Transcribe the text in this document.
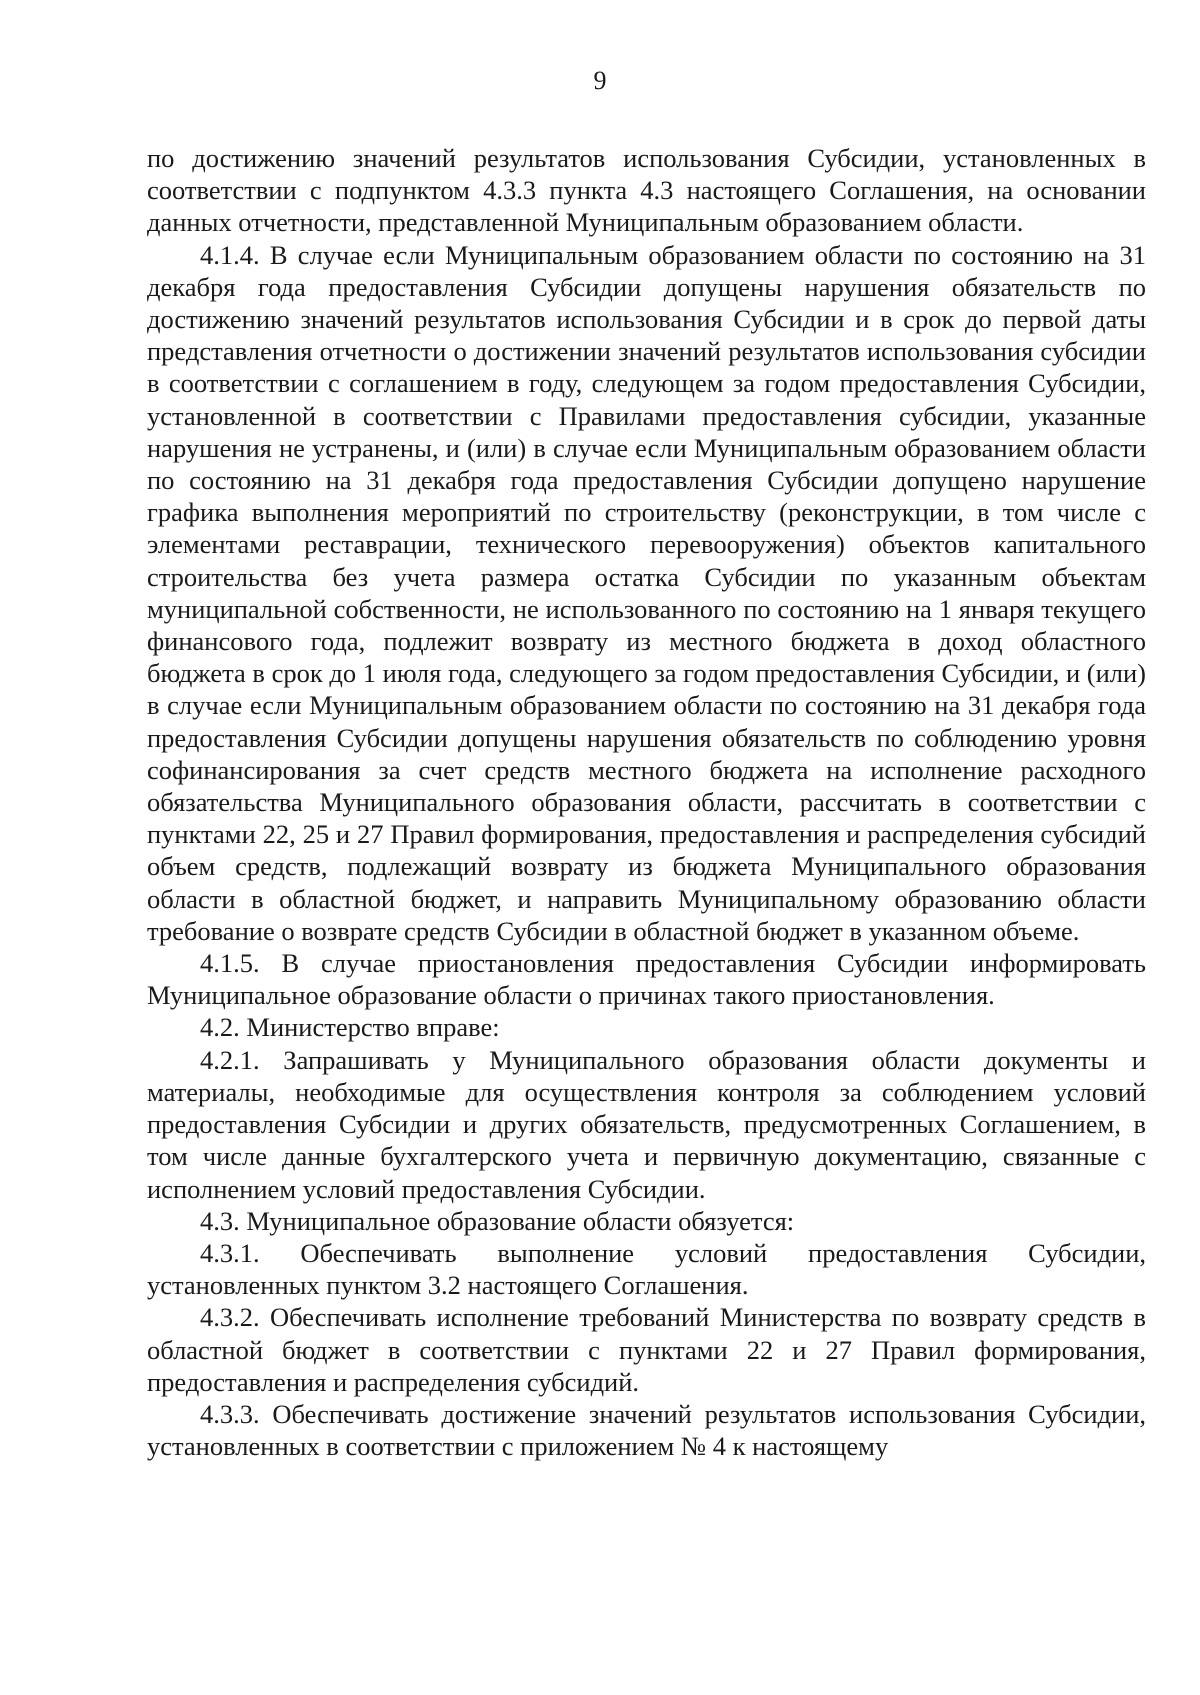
9

по достижению значений результатов использования Субсидии, установленных в соответствии с подпунктом 4.3.3 пункта 4.3 настоящего Соглашения, на основании данных отчетности, представленной Муниципальным образованием области.

4.1.4. В случае если Муниципальным образованием области по состоянию на 31 декабря года предоставления Субсидии допущены нарушения обязательств по достижению значений результатов использования Субсидии и в срок до первой даты представления отчетности о достижении значений результатов использования субсидии в соответствии с соглашением в году, следующем за годом предоставления Субсидии, установленной в соответствии с Правилами предоставления субсидии, указанные нарушения не устранены, и (или) в случае если Муниципальным образованием области по состоянию на 31 декабря года предоставления Субсидии допущено нарушение графика выполнения мероприятий по строительству (реконструкции, в том числе с элементами реставрации, технического перевооружения) объектов капитального строительства без учета размера остатка Субсидии по указанным объектам муниципальной собственности, не использованного по состоянию на 1 января текущего финансового года, подлежит возврату из местного бюджета в доход областного бюджета в срок до 1 июля года, следующего за годом предоставления Субсидии, и (или) в случае если Муниципальным образованием области по состоянию на 31 декабря года предоставления Субсидии допущены нарушения обязательств по соблюдению уровня софинансирования за счет средств местного бюджета на исполнение расходного обязательства Муниципального образования области, рассчитать в соответствии с пунктами 22, 25 и 27 Правил формирования, предоставления и распределения субсидий объем средств, подлежащий возврату из бюджета Муниципального образования области в областной бюджет, и направить Муниципальному образованию области требование о возврате средств Субсидии в областной бюджет в указанном объеме.

4.1.5. В случае приостановления предоставления Субсидии информировать Муниципальное образование области о причинах такого приостановления.

4.2. Министерство вправе:

4.2.1. Запрашивать у Муниципального образования области документы и материалы, необходимые для осуществления контроля за соблюдением условий предоставления Субсидии и других обязательств, предусмотренных Соглашением, в том числе данные бухгалтерского учета и первичную документацию, связанные с исполнением условий предоставления Субсидии.

4.3. Муниципальное образование области обязуется:

4.3.1. Обеспечивать выполнение условий предоставления Субсидии, установленных пунктом 3.2 настоящего Соглашения.

4.3.2. Обеспечивать исполнение требований Министерства по возврату средств в областной бюджет в соответствии с пунктами 22 и 27 Правил формирования, предоставления и распределения субсидий.

4.3.3. Обеспечивать достижение значений результатов использования Субсидии, установленных в соответствии с приложением № 4 к настоящему
